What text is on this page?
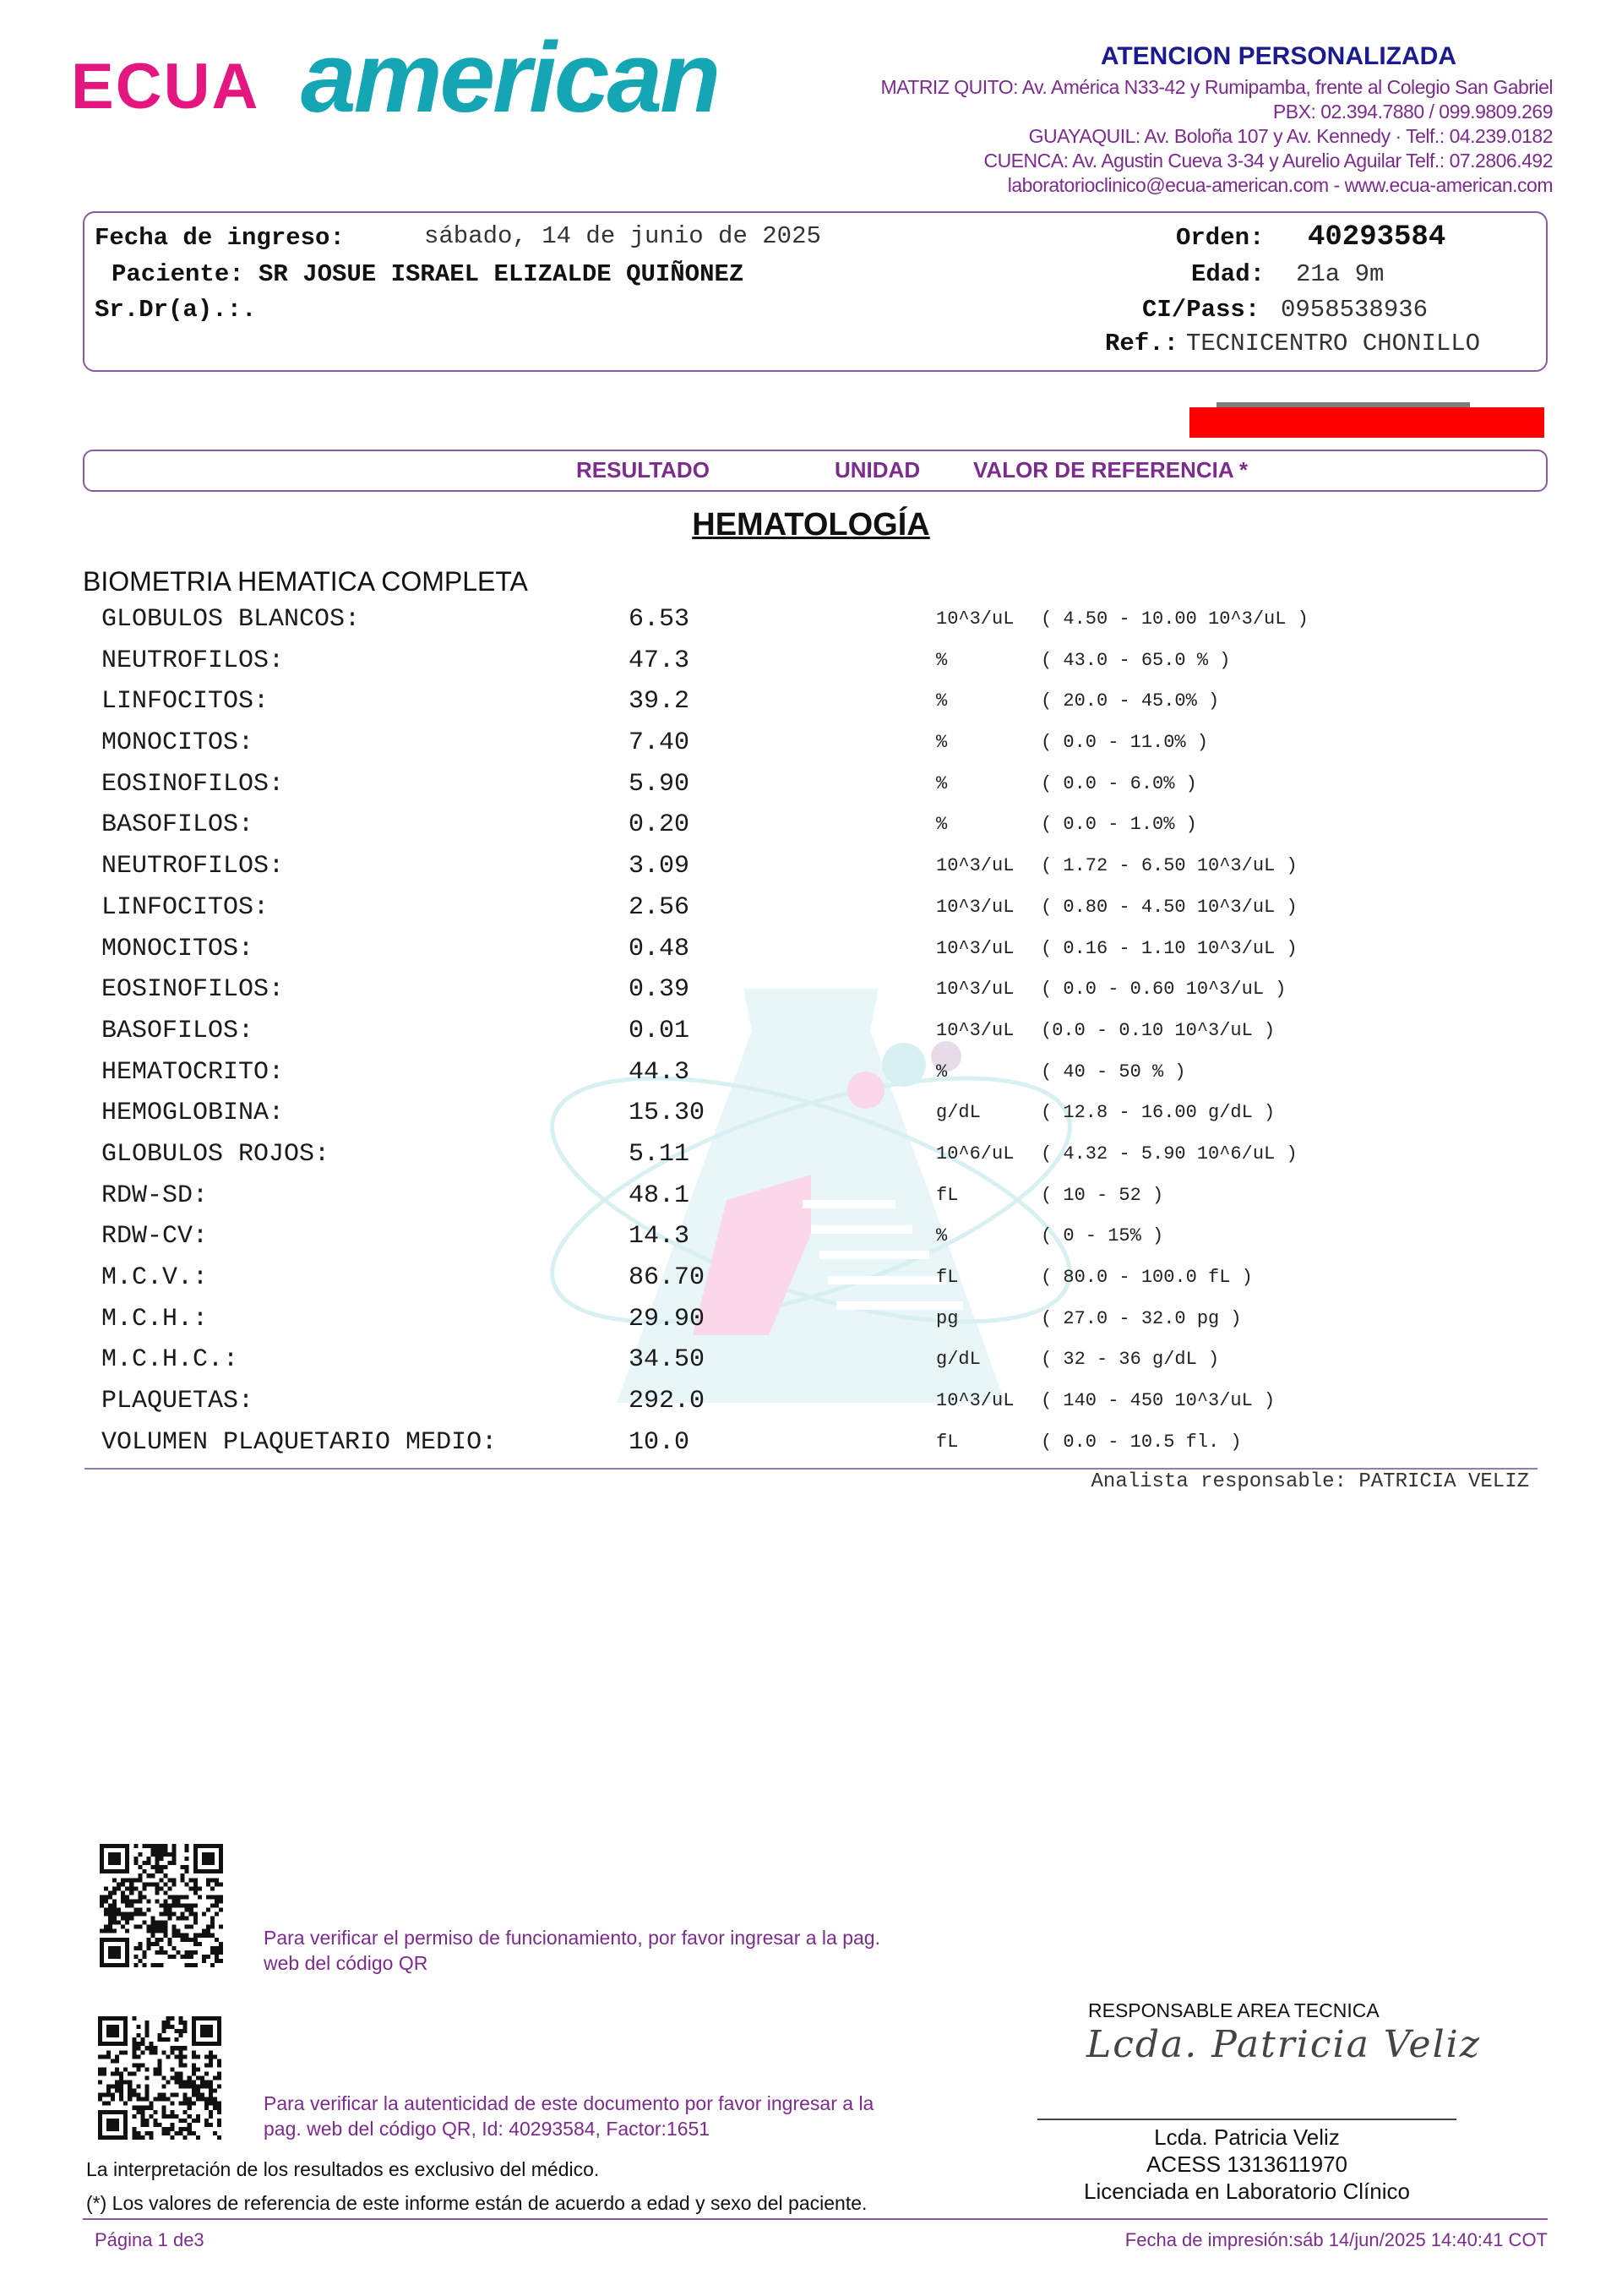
ECUA american	ATENCION PERSONALIZADA
MATRIZ QUITO: Av. América N33-42 y Rumipamba, frente al Colegio San Gabriel
PBX: 02.394.7880 / 099.9809.269
GUAYAQUIL: Av. Boloña 107 y Av. Kennedy · Telf.: 04.239.0182
CUENCA: Av. Agustin Cueva 3-34 y Aurelio Aguilar Telf.: 07.2806.492
laboratorioclinico@ecua-american.com - www.ecua-american.com
Fecha de ingreso:	sábado, 14 de junio de 2025
Paciente: SR JOSUE ISRAEL ELIZALDE QUIÑONEZ
Sr.Dr(a).:.
Orden: 40293584
Edad: 21a 9m
CI/Pass: 0958538936
Ref.: TECNICENTRO CHONILLO
RESULTADO	UNIDAD VALOR DE REFERENCIA *
HEMATOLOGÍA
BIOMETRIA HEMATICA COMPLETA
GLOBULOS BLANCOS:	6.53	10^3/uL ( 4.50 - 10.00 10^3/uL )
NEUTROFILOS:	47.3	%	( 43.0 - 65.0 % )
LINFOCITOS:	39.2	%	( 20.0 - 45.0% )
MONOCITOS:	7.40	%	( 0.0 - 11.0% )
EOSINOFILOS:	5.90	%	( 0.0 - 6.0% )
BASOFILOS:	0.20	%	( 0.0 - 1.0% )
NEUTROFILOS:	3.09	10^3/uL ( 1.72 - 6.50 10^3/uL )
LINFOCITOS:	2.56	10^3/uL ( 0.80 - 4.50 10^3/uL )
MONOCITOS:	0.48	10^3/uL ( 0.16 - 1.10 10^3/uL )
EOSINOFILOS:	0.39	10^3/uL ( 0.0 - 0.60 10^3/uL )
BASOFILOS:	0.01	10^3/uL (0.0 - 0.10 10^3/uL )
HEMATOCRITO:	44.3	%	( 40 - 50 % )
HEMOGLOBINA:	15.30	g/dL	( 12.8 - 16.00 g/dL )
GLOBULOS ROJOS:	5.11	10^6/uL ( 4.32 - 5.90 10^6/uL )
RDW-SD:	48.1	fL	( 10 - 52 )
RDW-CV:	14.3	%	( 0 - 15% )
M.C.V.:	86.70	fL	( 80.0 - 100.0 fL )
M.C.H.:	29.90	pg	( 27.0 - 32.0 pg )
M.C.H.C.:	34.50	g/dL	( 32 - 36 g/dL )
PLAQUETAS:	292.0	10^3/uL ( 140 - 450 10^3/uL )
VOLUMEN PLAQUETARIO MEDIO:	10.0	fL	( 0.0 - 10.5 fl. )
Analista responsable: PATRICIA VELIZ
Para verificar el permiso de funcionamiento, por favor ingresar a la pag. web del código QR
Para verificar la autenticidad de este documento por favor ingresar a la pag. web del código QR, Id: 40293584, Factor:1651
RESPONSABLE AREA TECNICA
Lcda. Patricia Veliz
Lcda. Patricia Veliz
ACESS 1313611970
Licenciada en Laboratorio Clínico
La interpretación de los resultados es exclusivo del médico.
(*) Los valores de referencia de este informe están de acuerdo a edad y sexo del paciente.
Página 1 de3	Fecha de impresión:sáb 14/jun/2025 14:40:41 COT
